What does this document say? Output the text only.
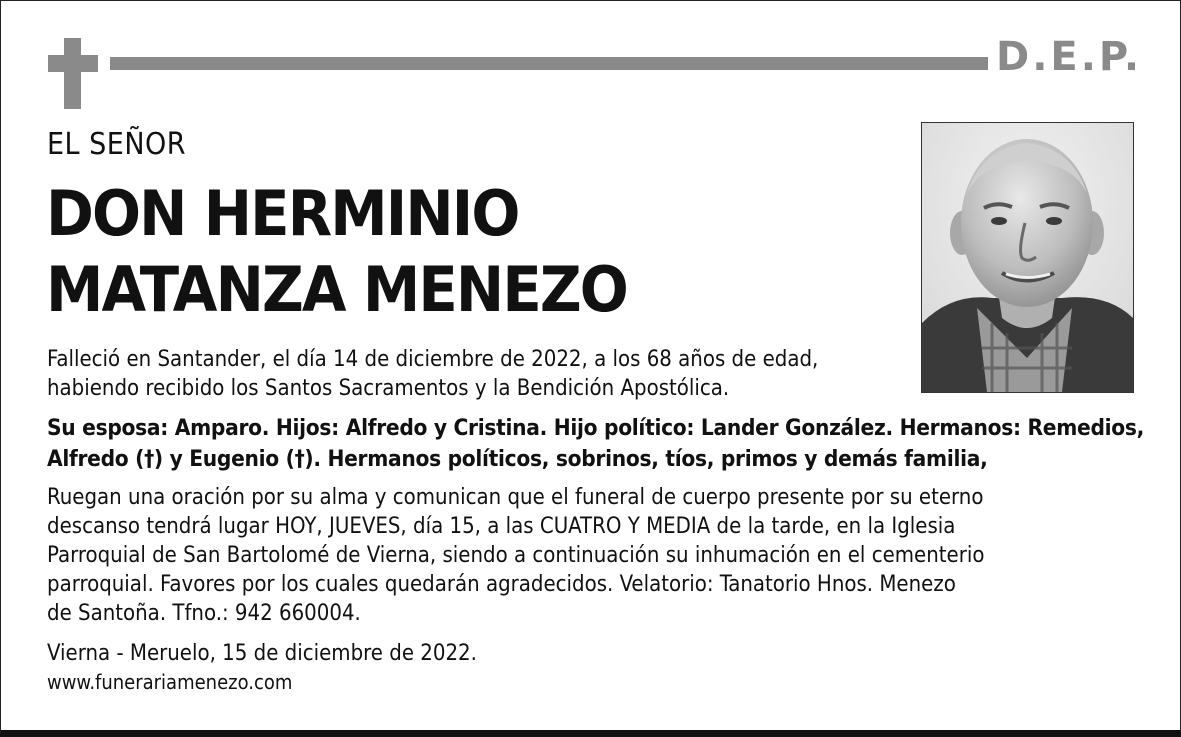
D.E.P.
EL SEÑOR
DON HERMINIO
MATANZA MENEZO
Falleció en Santander, el día 14 de diciembre de 2022, a los 68 años de edad,
habiendo recibido los Santos Sacramentos y la Bendición Apostólica.
Su esposa: Amparo. Hijos: Alfredo y Cristina. Hijo político: Lander González. Hermanos: Remedios,
Alfredo (†) y Eugenio (†). Hermanos políticos, sobrinos, tíos, primos y demás familia,
Ruegan una oración por su alma y comunican que el funeral de cuerpo presente por su eterno
descanso tendrá lugar HOY, JUEVES, día 15, a las CUATRO Y MEDIA de la tarde, en la Iglesia
Parroquial de San Bartolomé de Vierna, siendo a continuación su inhumación en el cementerio
parroquial. Favores por los cuales quedarán agradecidos. Velatorio: Tanatorio Hnos. Menezo
de Santoña. Tfno.: 942 660004.
Vierna - Meruelo, 15 de diciembre de 2022.
www.funerariamenezo.com
